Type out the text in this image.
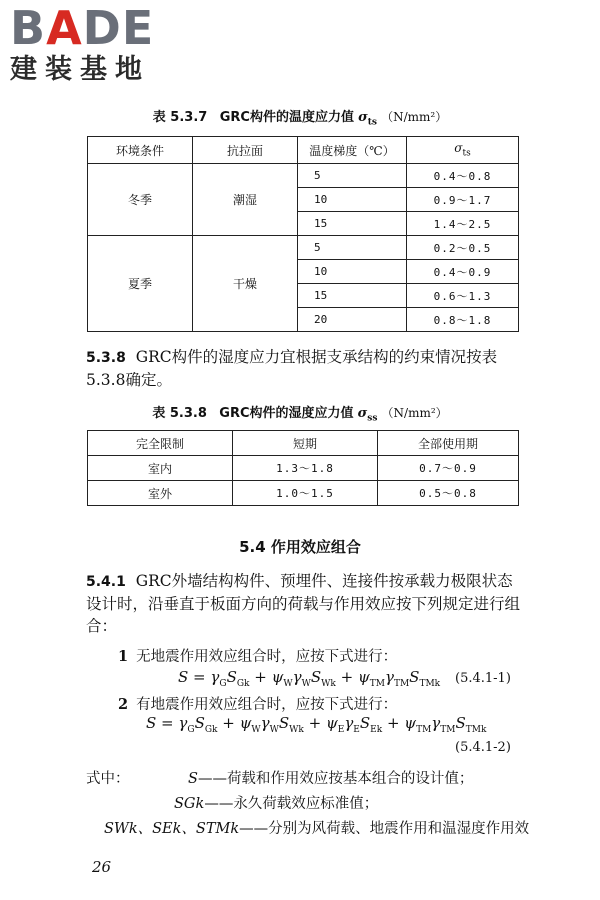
BADE
建装基地
表 5.3.7 GRC构件的温度应力值 $\sigma_{ts}$ （N/mm²）
环境条件	抗拉面	温度梯度（℃）	$\sigma_{ts}$
冬季	潮湿	5	0.4～0.8
		10	0.9～1.7
		15	1.4～2.5
夏季	干燥	5	0.2～0.5
		10	0.4～0.9
		15	0.6～1.3
		20	0.8～1.8
5.3.8 GRC构件的湿度应力宜根据支承结构的约束情况按表5.3.8确定。
表 5.3.8 GRC构件的湿度应力值 $\sigma_{ss}$ （N/mm²）
完全限制	短期	全部使用期
室内	1.3～1.8	0.7～0.9
室外	1.0～1.5	0.5～0.8
5.4 作用效应组合
5.4.1 GRC外墙结构构件、预埋件、连接件按承载力极限状态设计时，沿垂直于板面方向的荷载与作用效应按下列规定进行组合：
1 无地震作用效应组合时，应按下式进行：
$S = \gamma_GS_{Gk} + \psi_W\gamma_WS_{Wk} + \psi_{TM}\gamma_{TM}S_{TMk}$ (5.4.1-1)
2 有地震作用效应组合时，应按下式进行：
$S = \gamma_GS_{Gk} + \psi_W\gamma_WS_{Wk} + \psi_E\gamma_ES_{Ek} + \psi_{TM}\gamma_{TM}S_{TMk}$
(5.4.1-2)
式中：	S——荷载和作用效应按基本组合的设计值；
SGk——永久荷载效应标准值；
SWk、SEk、STMk——分别为风荷载、地震作用和温湿度作用效
26
